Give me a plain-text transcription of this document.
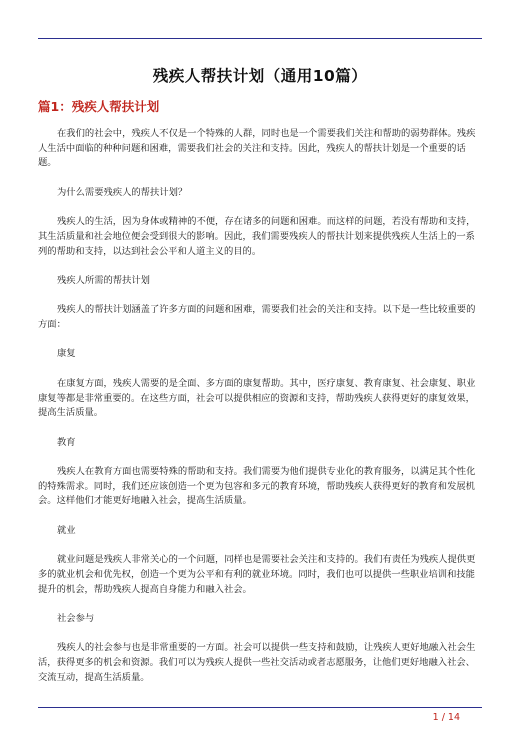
残疾人帮扶计划（通用10篇）
篇1：残疾人帮扶计划

在我们的社会中，残疾人不仅是一个特殊的人群，同时也是一个需要我们关注和帮助的弱势群体。残疾人生活中面临的种种问题和困难，需要我们社会的关注和支持。因此，残疾人的帮扶计划是一个重要的话题。

为什么需要残疾人的帮扶计划？

残疾人的生活，因为身体或精神的不便，存在诸多的问题和困难。而这样的问题，若没有帮助和支持，其生活质量和社会地位便会受到很大的影响。因此，我们需要残疾人的帮扶计划来提供残疾人生活上的一系列的帮助和支持，以达到社会公平和人道主义的目的。

残疾人所需的帮扶计划

残疾人的帮扶计划涵盖了许多方面的问题和困难，需要我们社会的关注和支持。以下是一些比较重要的方面：

康复

在康复方面，残疾人需要的是全面、多方面的康复帮助。其中，医疗康复、教育康复、社会康复、职业康复等都是非常重要的。在这些方面，社会可以提供相应的资源和支持，帮助残疾人获得更好的康复效果，提高生活质量。

教育

残疾人在教育方面也需要特殊的帮助和支持。我们需要为他们提供专业化的教育服务，以满足其个性化的特殊需求。同时，我们还应该创造一个更为包容和多元的教育环境，帮助残疾人获得更好的教育和发展机会。这样他们才能更好地融入社会，提高生活质量。

就业

就业问题是残疾人非常关心的一个问题，同样也是需要社会关注和支持的。我们有责任为残疾人提供更多的就业机会和优先权，创造一个更为公平和有利的就业环境。同时，我们也可以提供一些职业培训和技能提升的机会，帮助残疾人提高自身能力和融入社会。

社会参与

残疾人的社会参与也是非常重要的一方面。社会可以提供一些支持和鼓励，让残疾人更好地融入社会生活，获得更多的机会和资源。我们可以为残疾人提供一些社交活动或者志愿服务，让他们更好地融入社会、交流互动，提高生活质量。

1 / 14
